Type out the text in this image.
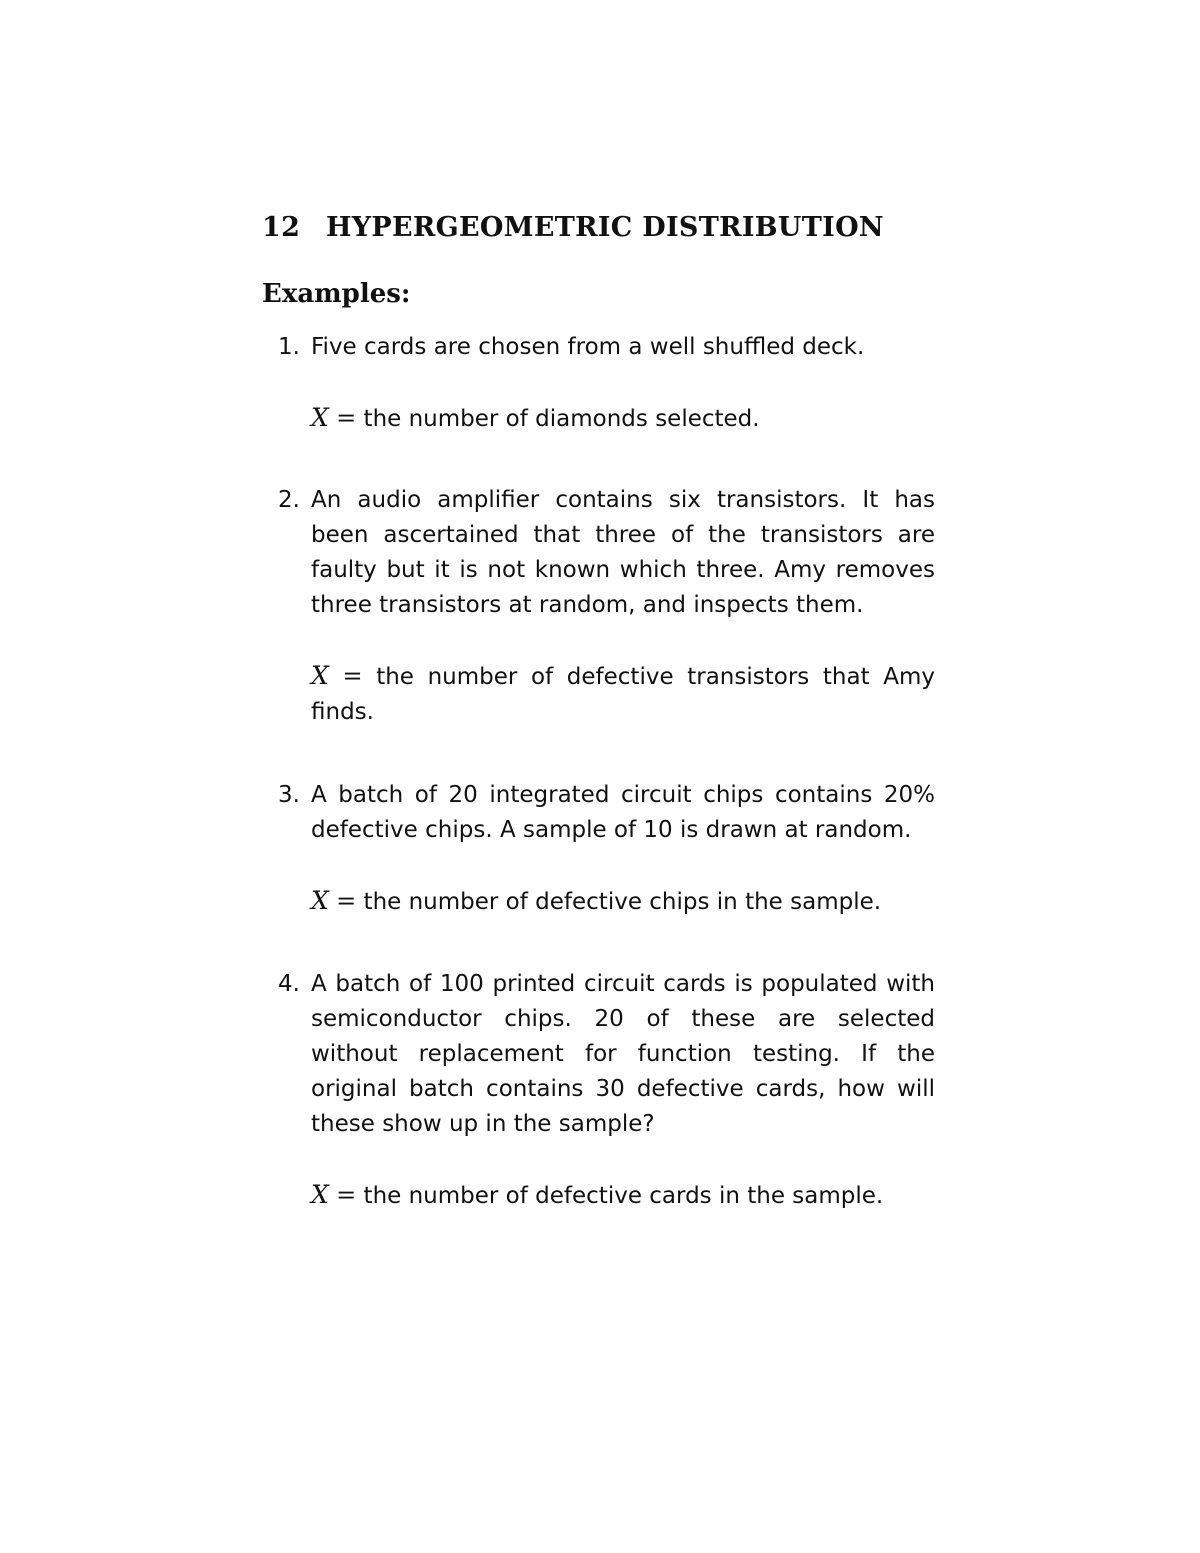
12 HYPERGEOMETRIC DISTRIBUTION
Examples:
1. Five cards are chosen from a well shuffled deck.
X = the number of diamonds selected.
2. An audio amplifier contains six transistors. It has been ascertained that three of the transistors are faulty but it is not known which three. Amy removes three transistors at random, and inspects them.
X = the number of defective transistors that Amy
finds.
3. A batch of 20 integrated circuit chips contains 20% defective chips. A sample of 10 is drawn at random.
X = the number of defective chips in the sample.
4. A batch of 100 printed circuit cards is populated with semiconductor chips. 20 of these are selected without replacement for function testing. If the original batch contains 30 defective cards, how will these show up in the sample?
X = the number of defective cards in the sample.
